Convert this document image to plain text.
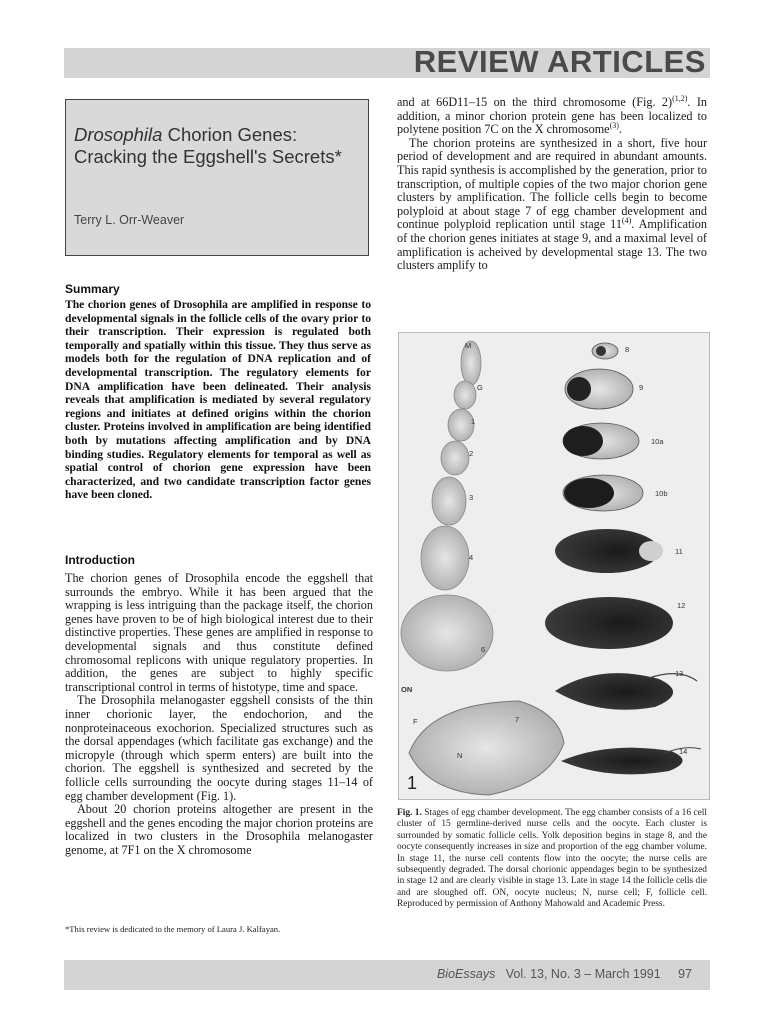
REVIEW ARTICLES
Drosophila Chorion Genes: Cracking the Eggshell's Secrets*
Terry L. Orr-Weaver
Summary
The chorion genes of Drosophila are amplified in response to developmental signals in the follicle cells of the ovary prior to their transcription. Their expression is regulated both temporally and spatially within this tissue. They thus serve as models both for the regulation of DNA replication and of developmental transcription. The regulatory elements for DNA amplification have been delineated. Their analysis reveals that amplification is mediated by several regulatory regions and initiates at defined origins within the chorion cluster. Proteins involved in amplification are being identified both by mutations affecting amplification and by DNA binding studies. Regulatory elements for temporal as well as spatial control of chorion gene expression have been characterized, and two candidate transcription factor genes have been cloned.
Introduction

The chorion genes of Drosophila encode the eggshell that surrounds the embryo. While it has been argued that the wrapping is less intriguing than the package itself, the chorion genes have proven to be of high biological interest due to their distinctive properties. These genes are amplified in response to developmental signals and thus constitute defined chromosomal replicons with unique regulatory properties. In addition, the genes are subject to highly specific transcriptional control in terms of histotype, time and space.

The Drosophila melanogaster eggshell consists of the thin inner chorionic layer, the endochorion, and the nonproteinaceous exochorion. Specialized structures such as the dorsal appendages (which facilitate gas exchange) and the micropyle (through which sperm enters) are built into the chorion. The eggshell is synthesized and secreted by the follicle cells surrounding the oocyte during stages 11–14 of egg chamber development (Fig. 1).

About 20 chorion proteins altogether are present in the eggshell and the genes encoding the major chorion proteins are localized in two clusters in the Drosophila melanogaster genome, at 7F1 on the X chromosome

*This review is dedicated to the memory of Laura J. Kalfayan.

and at 66D11–15 on the third chromosome (Fig. 2)$^{(1,2)}$. In addition, a minor chorion protein gene has been localized to polytene position 7C on the X chromosome$^{(3)}$.

The chorion proteins are synthesized in a short, five hour period of development and are required in abundant amounts. This rapid synthesis is accomplished by the generation, prior to transcription, of multiple copies of the two major chorion gene clusters by amplification. The follicle cells begin to become polyploid at about stage 7 of egg chamber development and continue polyploid replication until stage 11$^{(4)}$. Amplification of the chorion genes initiates at stage 9, and a maximal level of amplification is acheived by developmental stage 13. The two clusters amplify to

M
G
1
2
3
4
6
ON
F	7
N
8
9
10a
10b
11
12
13
14
1
Fig. 1. Stages of egg chamber development. The egg chamber consists of a 16 cell cluster of 15 germline-derived nurse cells and the oocyte. Each cluster is surrounded by somatic follicle cells. Yolk deposition begins in stage 8, and the oocyte consequently increases in size and proportion of the egg chamber volume. In stage 11, the nurse cell contents flow into the oocyte; the nurse cells are subsequently degraded. The dorsal chorionic appendages begin to be synthesized in stage 12 and are clearly visible in stage 13. Late in stage 14 the follicle cells die and are sloughed off. ON, oocyte nucleus; N, nurse cell; F, follicle cell. Reproduced by permission of Anthony Mahowald and Academic Press.
BioEssays Vol. 13, No. 3 – March 1991 97
